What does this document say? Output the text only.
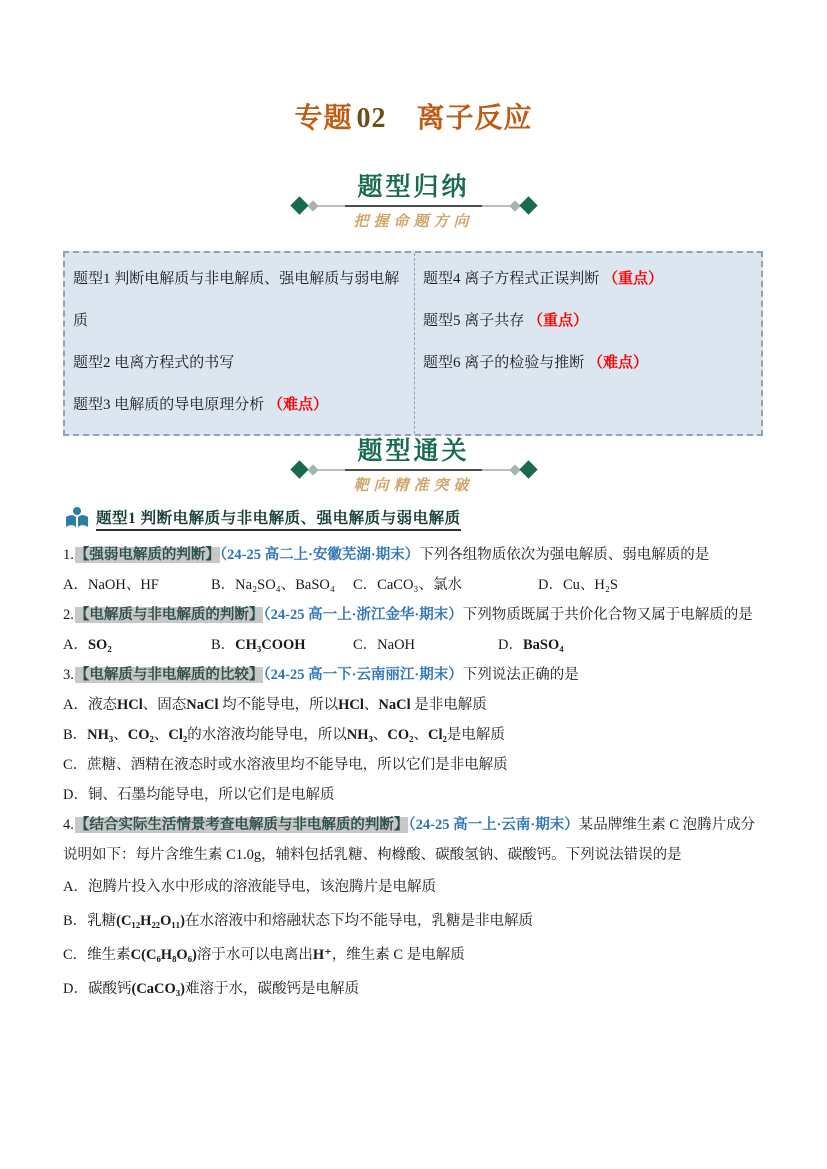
专题 02 离子反应
题型归纳
把握命题方向

题型1 判断电解质与非电解质、强电解质与弱电解质

题型2 电离方程式的书写

题型3 电解质的导电原理分析 （难点）

题型4 离子方程式正误判断 （重点）

题型5 离子共存 （重点）

题型6 离子的检验与推断 （难点）

题型通关
靶向精准突破
题型1 判断电解质与非电解质、强电解质与弱电解质

1.【强弱电解质的判断】（24-25 高二上·安徽芜湖·期末）下列各组物质依次为强电解质、弱电解质的是

A．NaOH、HF	B．Na₂SO₄、BaSO₄	C．CaCO₃、氯水	D．Cu、H₂S

2.【电解质与非电解质的判断】（24-25 高一上·浙江金华·期末）下列物质既属于共价化合物又属于电解质的是

A．SO₂	B．CH₃COOH	C．NaOH	D．BaSO₄

3.【电解质与非电解质的比较】（24-25 高一下·云南丽江·期末）下列说法正确的是

A．液态HCl、固态NaCl 均不能导电，所以HCl、NaCl 是非电解质

B．NH₃、CO₂、Cl₂的水溶液均能导电，所以NH₃、CO₂、Cl₂是电解质

C．蔗糖、酒精在液态时或水溶液里均不能导电，所以它们是非电解质

D．铜、石墨均能导电，所以它们是电解质

4.【结合实际生活情景考查电解质与非电解质的判断】（24-25 高一上·云南·期末）某品牌维生素 C 泡腾片成分说明如下：每片含维生素 C1.0g，辅料包括乳糖、枸橼酸、碳酸氢钠、碳酸钙。下列说法错误的是

A．泡腾片投入水中形成的溶液能导电，该泡腾片是电解质

B．乳糖(C₁₂H₂₂O₁₁)在水溶液中和熔融状态下均不能导电，乳糖是非电解质

C．维生素C(C₆H₈O₆)溶于水可以电离出H⁺，维生素 C 是电解质

D．碳酸钙(CaCO₃)难溶于水，碳酸钙是电解质
